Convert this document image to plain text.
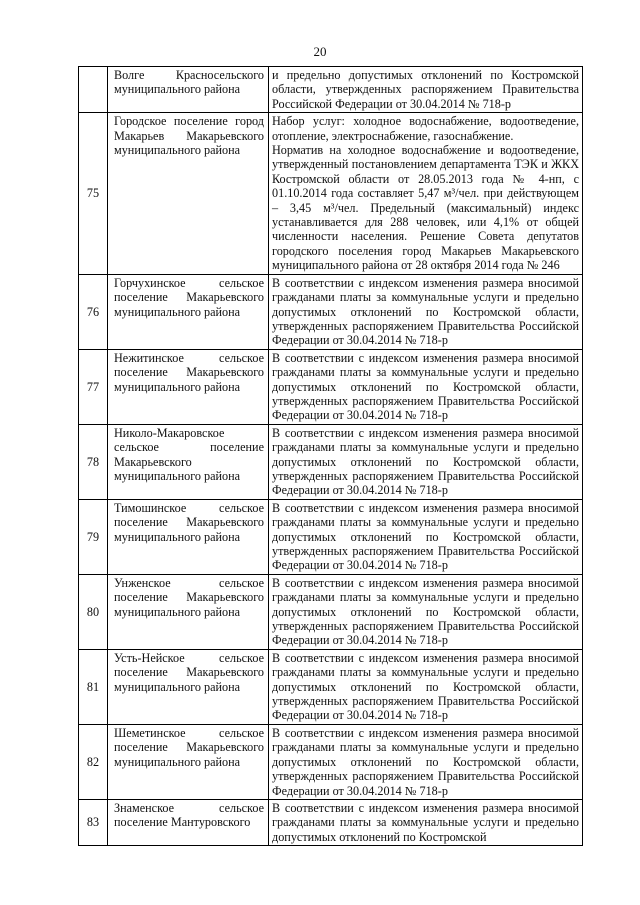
20
	Волге Красносельского муниципального района	и предельно допустимых отклонений по Костромской области, утвержденных распоряжением Правительства Российской Федерации от 30.04.2014 № 718-р

75	Городское поселение город Макарьев Макарьевского муниципального района	Набор услуг: холодное водоснабжение, водоотведение, отопление, электроснабжение, газоснабжение.
Норматив на холодное водоснабжение и водоотведение, утвержденный постановлением департамента ТЭК и ЖКХ Костромской области от 28.05.2013 года № 4-нп, с 01.10.2014 года составляет 5,47 м³/чел. при действующем – 3,45 м³/чел. Предельный (максимальный) индекс устанавливается для 288 человек, или 4,1% от общей численности населения. Решение Совета депутатов городского поселения город Макарьев Макарьевского муниципального района от 28 октября 2014 года № 246

76	Горчухинское сельское поселение Макарьевского муниципального района	В соответствии с индексом изменения размера вносимой гражданами платы за коммунальные услуги и предельно допустимых отклонений по Костромской области, утвержденных распоряжением Правительства Российской Федерации от 30.04.2014 № 718-р

77	Нежитинское сельское поселение Макарьевского муниципального района	В соответствии с индексом изменения размера вносимой гражданами платы за коммунальные услуги и предельно допустимых отклонений по Костромской области, утвержденных распоряжением Правительства Российской Федерации от 30.04.2014 № 718-р

78	Николо-Макаровское сельское поселение Макарьевского муниципального района	В соответствии с индексом изменения размера вносимой гражданами платы за коммунальные услуги и предельно допустимых отклонений по Костромской области, утвержденных распоряжением Правительства Российской Федерации от 30.04.2014 № 718-р

79	Тимошинское сельское поселение Макарьевского муниципального района	В соответствии с индексом изменения размера вносимой гражданами платы за коммунальные услуги и предельно допустимых отклонений по Костромской области, утвержденных распоряжением Правительства Российской Федерации от 30.04.2014 № 718-р

80	Унженское сельское поселение Макарьевского муниципального района	В соответствии с индексом изменения размера вносимой гражданами платы за коммунальные услуги и предельно допустимых отклонений по Костромской области, утвержденных распоряжением Правительства Российской Федерации от 30.04.2014 № 718-р

81	Усть-Нейское сельское поселение Макарьевского муниципального района	В соответствии с индексом изменения размера вносимой гражданами платы за коммунальные услуги и предельно допустимых отклонений по Костромской области, утвержденных распоряжением Правительства Российской Федерации от 30.04.2014 № 718-р

82	Шеметинское сельское поселение Макарьевского муниципального района	В соответствии с индексом изменения размера вносимой гражданами платы за коммунальные услуги и предельно допустимых отклонений по Костромской области, утвержденных распоряжением Правительства Российской Федерации от 30.04.2014 № 718-р

83	Знаменское сельское поселение Мантуровского	В соответствии с индексом изменения размера вносимой гражданами платы за коммунальные услуги и предельно допустимых отклонений по Костромской
